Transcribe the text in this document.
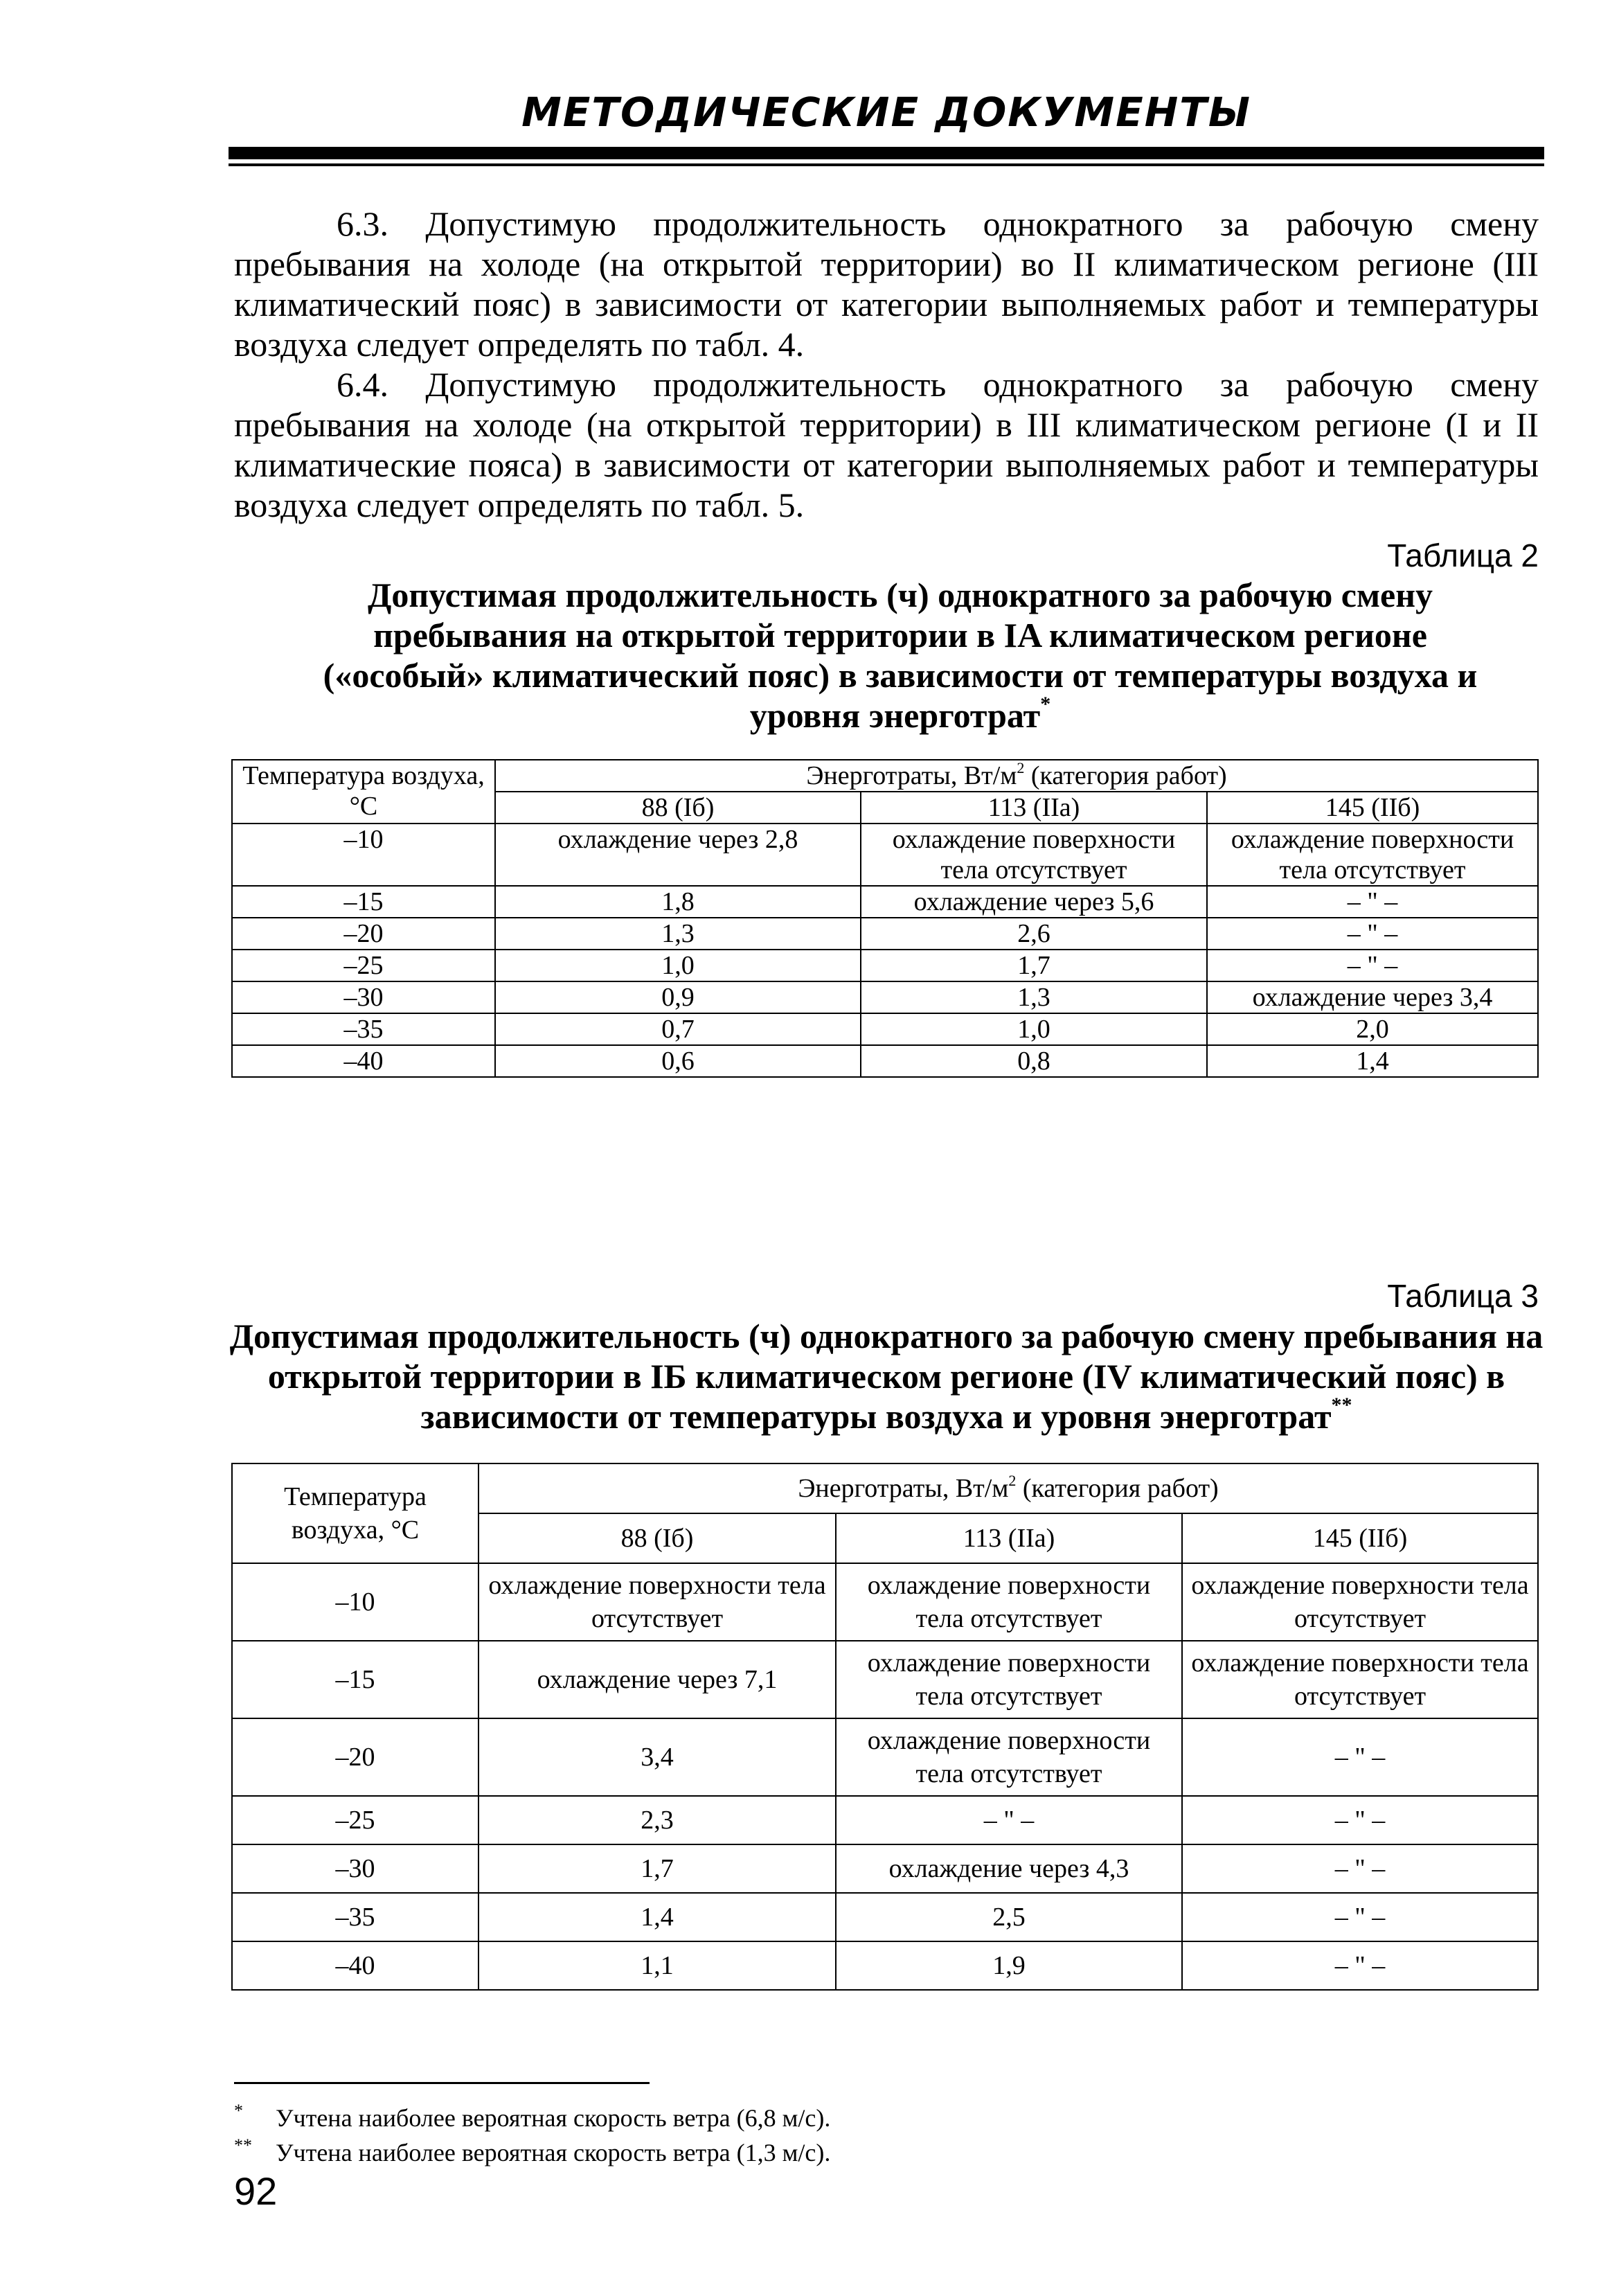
МЕТОДИЧЕСКИЕ ДОКУМЕНТЫ

6.3. Допустимую продолжительность однократного за рабочую смену пребывания на холоде (на открытой территории) во II климатическом регионе (III климатический пояс) в зависимости от категории выполняемых работ и температуры воздуха следует определять по табл. 4.

6.4. Допустимую продолжительность однократного за рабочую смену пребывания на холоде (на открытой территории) в III климатическом регионе (I и II климатические пояса) в зависимости от категории выполняемых работ и температуры воздуха следует определять по табл. 5.

Таблица 2

Допустимая продолжительность (ч) однократного за рабочую смену пребывания на открытой территории в IA климатическом регионе («особый» климатический пояс) в зависимости от температуры воздуха и уровня энерготрат*

Температура воздуха, °C	Энерготраты, $Вт/м^2$ (категория работ)		
	88 (Iб)	113 (IIa)	145 (IIб)
–10	охлаждение через 2,8	охлаждение поверхности тела отсутствует	охлаждение поверхности тела отсутствует
–15	1,8	охлаждение через 5,6	– " –
–20	1,3	2,6	– " –
–25	1,0	1,7	– " –
–30	0,9	1,3	охлаждение через 3,4
–35	0,7	1,0	2,0
–40	0,6	0,8	1,4
Таблица 3

Допустимая продолжительность (ч) однократного за рабочую смену пребывания на открытой территории в IБ климатическом регионе (IV климатический пояс) в зависимости от температуры воздуха и уровня энерготрат**

Температура воздуха, °C	Энерготраты, $Вт/м^2$ (категория работ)		
	88 (Iб)	113 (IIa)	145 (IIб)
–10	охлаждение поверхности тела отсутствует	охлаждение поверхности тела отсутствует	охлаждение поверхности тела отсутствует
–15	охлаждение через 7,1	охлаждение поверхности тела отсутствует	охлаждение поверхности тела отсутствует
–20	3,4	охлаждение поверхности тела отсутствует	– " –
–25	2,3	– " –	– " –
–30	1,7	охлаждение через 4,3	– " –
–35	1,4	2,5	– " –
–40	1,1	1,9	– " –
* Учтена наиболее вероятная скорость ветра (6,8 м/с).
** Учтена наиболее вероятная скорость ветра (1,3 м/с).
92
